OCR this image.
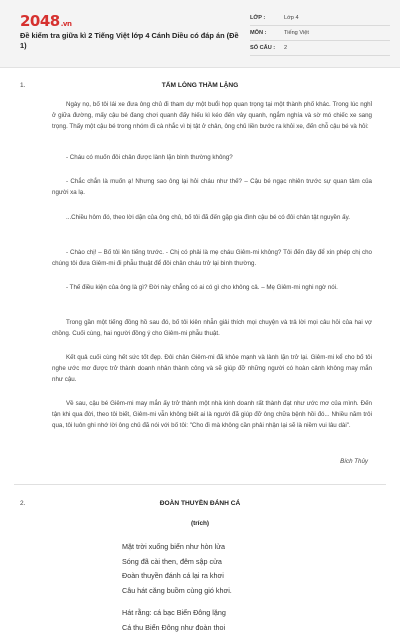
2048.vn
Đề kiểm tra giữa kì 2 Tiếng Việt lớp 4 Cánh Diều có đáp án (Đề 1)
LỚP :	Lớp 4
MÔN :	Tiếng Việt
SỐ CÂU :	2
1.	TẤM LÒNG THẦM LẶNG
Ngày nọ, bố tôi lái xe đưa ông chủ đi tham dự một buổi họp quan trọng tại một thành phố khác. Trong lúc nghỉ ở giữa đường, mấy cậu bé đang chơi quanh đấy hiếu kì kéo đến vây quanh, ngắm nghía và sờ mó chiếc xe sang trọng. Thấy một cậu bé trong nhóm đi cà nhắc vì bị tật ở chân, ông chủ liền bước ra khỏi xe, đến chỗ cậu bé và hỏi:
- Cháu có muốn đôi chân được lành lặn bình thường không?
- Chắc chắn là muốn ạ! Nhưng sao ông lại hỏi cháu như thế? – Cậu bé ngạc nhiên trước sự quan tâm của người xa lạ.
...Chiều hôm đó, theo lời dặn của ông chủ, bố tôi đã đến gặp gia đình cậu bé có đôi chân tật nguyền ấy.
- Chào chị! – Bố tôi lên tiếng trước. - Chị có phải là mẹ cháu Giêm-mi không? Tôi đến đây để xin phép chị cho chúng tôi đưa Giêm-mi đi phẫu thuật để đôi chân cháu trở lại bình thường.
- Thế điều kiện của ông là gì? Đời này chẳng có ai có gì cho không cả. – Mẹ Giêm-mi nghi ngờ nói.
Trong gần một tiếng đồng hồ sau đó, bố tôi kiên nhẫn giải thích mọi chuyện và trả lời mọi câu hỏi của hai vợ chồng. Cuối cùng, hai người đồng ý cho Giêm-mi phẫu thuật.
Kết quả cuối cùng hết sức tốt đẹp. Đôi chân Giêm-mi đã khỏe mạnh và lành lặn trở lại. Giêm-mi kể cho bố tôi nghe ước mơ được trở thành doanh nhân thành công và sẽ giúp đỡ những người có hoàn cảnh không may mắn như cậu.
Về sau, cậu bé Giêm-mi may mắn ấy trở thành một nhà kinh doanh rất thành đạt như ước mơ của mình. Đến tận khi qua đời, theo tôi biết, Giêm-mi vẫn không biết ai là người đã giúp đỡ ông chữa bệnh hồi đó... Nhiều năm trôi qua, tôi luôn ghi nhớ lời ông chủ đã nói với bố tôi: "Cho đi mà không cần phải nhận lại sẽ là niềm vui lâu dài".
Bích Thủy
2.	ĐOÀN THUYỀN ĐÁNH CÁ
(trích)
Mặt trời xuống biển như hòn lửa
Sóng đã cài then, đêm sập cửa
Đoàn thuyền đánh cá lại ra khơi
Câu hát căng buồm cùng gió khơi.
Hát rằng: cá bạc Biển Đông lặng
Cá thu Biển Đông như đoàn thoi
